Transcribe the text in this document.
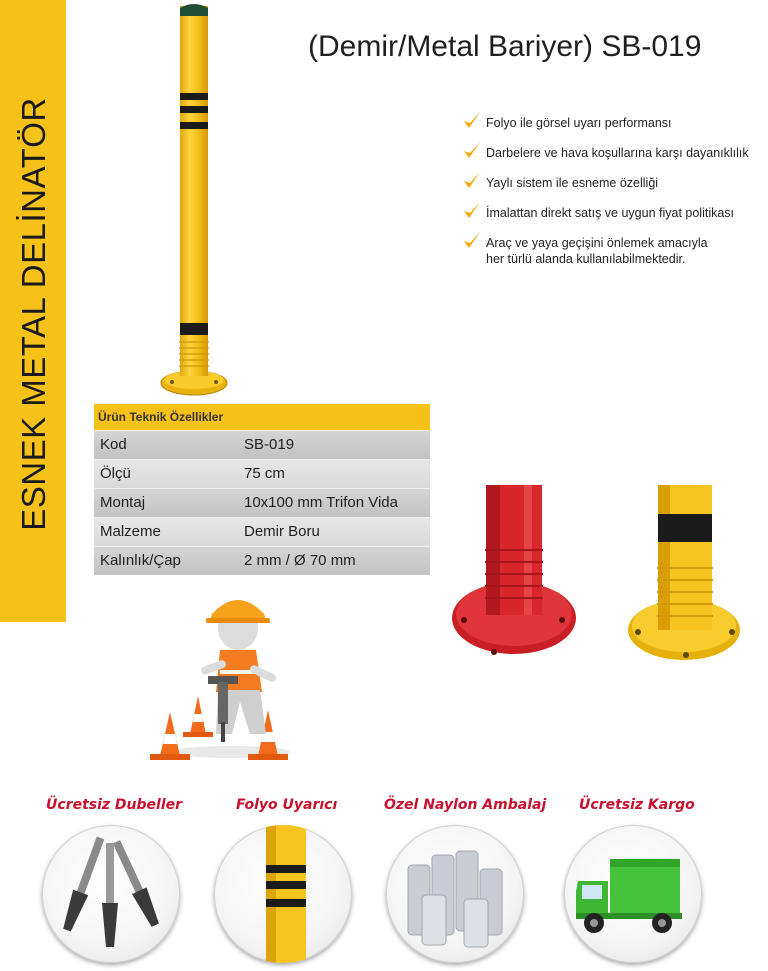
ESNEK METAL DELİNATÖR
(Demir/Metal Bariyer) SB-019
Folyo ile görsel uyarı performansı
Darbelere ve hava koşullarına karşı dayanıklılık
Yaylı sistem ile esneme özelliği
İmalattan direkt satış ve uygun fiyat politikası
Araç ve yaya geçişini önlemek amacıyla
her türlü alanda kullanılabilmektedir.
Ürün Teknik Özellikler
Kod	SB-019
Ölçü	75 cm
Montaj	10x100 mm Trifon Vida
Malzeme	Demir Boru
Kalınlık/Çap	2 mm / Ø 70 mm
Ücretsiz Dubeller	Folyo Uyarıcı	Özel Naylon Ambalaj Ücretsiz Kargo
